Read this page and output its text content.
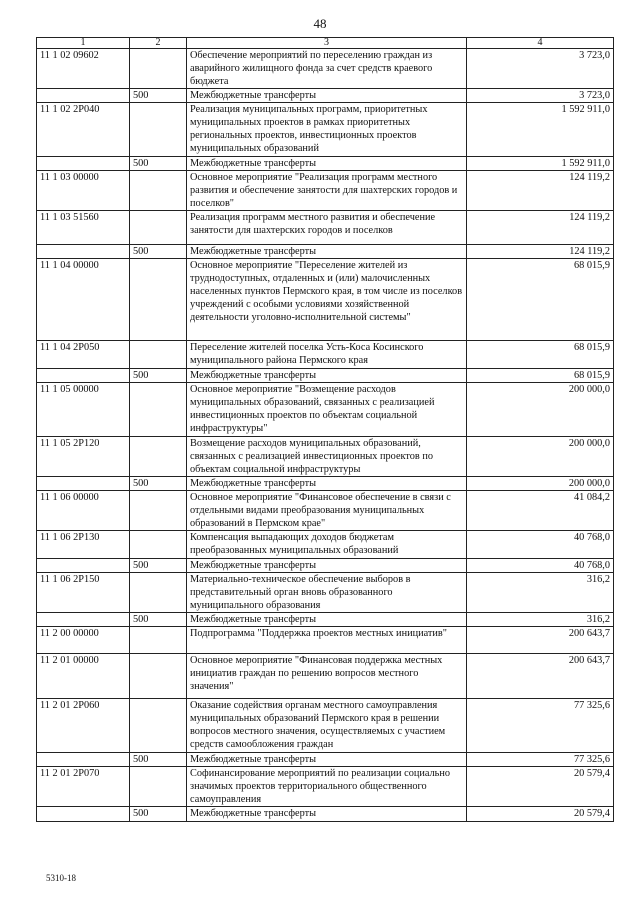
48
1	2	3	4
11 1 02 09602		Обеспечение мероприятий по переселению граждан из аварийного жилищного фонда за счет средств краевого бюджета	3 723,0
	500	Межбюджетные трансферты	3 723,0
11 1 02 2Р040		Реализация муниципальных программ, приоритетных муниципальных проектов в рамках приоритетных региональных проектов, инвестиционных проектов муниципальных образований	1 592 911,0
	500	Межбюджетные трансферты	1 592 911,0
11 1 03 00000		Основное мероприятие "Реализация программ местного развития и обеспечение занятости для шахтерских городов и поселков"	124 119,2
11 1 03 51560		Реализация программ местного развития и обеспечение занятости для шахтерских городов и поселков	124 119,2
	500	Межбюджетные трансферты	124 119,2
11 1 04 00000		Основное мероприятие "Переселение жителей из труднодоступных, отдаленных и (или) малочисленных населенных пунктов Пермского края, в том числе из поселков учреждений с особыми условиями хозяйственной деятельности уголовно-исполнительной системы"	68 015,9
11 1 04 2Р050		Переселение жителей поселка Усть-Коса Косинского муниципального района Пермского края	68 015,9
	500	Межбюджетные трансферты	68 015,9
11 1 05 00000		Основное мероприятие "Возмещение расходов муниципальных образований, связанных с реализацией инвестиционных проектов по объектам социальной инфраструктуры"	200 000,0
11 1 05 2Р120		Возмещение расходов муниципальных образований, связанных с реализацией инвестиционных проектов по объектам социальной инфраструктуры	200 000,0
	500	Межбюджетные трансферты	200 000,0
11 1 06 00000		Основное мероприятие "Финансовое обеспечение в связи с отдельными видами преобразования муниципальных образований в Пермском крае"	41 084,2
11 1 06 2Р130		Компенсация выпадающих доходов бюджетам преобразованных муниципальных образований	40 768,0
	500	Межбюджетные трансферты	40 768,0
11 1 06 2Р150		Материально-техническое обеспечение выборов в представительный орган вновь образованного муниципального образования	316,2
	500	Межбюджетные трансферты	316,2
11 2 00 00000		Подпрограмма "Поддержка проектов местных инициатив"	200 643,7
11 2 01 00000		Основное мероприятие "Финансовая поддержка местных инициатив граждан по решению вопросов местного значения"	200 643,7
11 2 01 2Р060		Оказание содействия органам местного самоуправления муниципальных образований Пермского края в решении вопросов местного значения, осуществляемых с участием средств самообложения граждан	77 325,6
	500	Межбюджетные трансферты	77 325,6
11 2 01 2Р070		Софинансирование мероприятий по реализации социально значимых проектов территориального общественного самоуправления	20 579,4
	500	Межбюджетные трансферты	20 579,4
5310-18
